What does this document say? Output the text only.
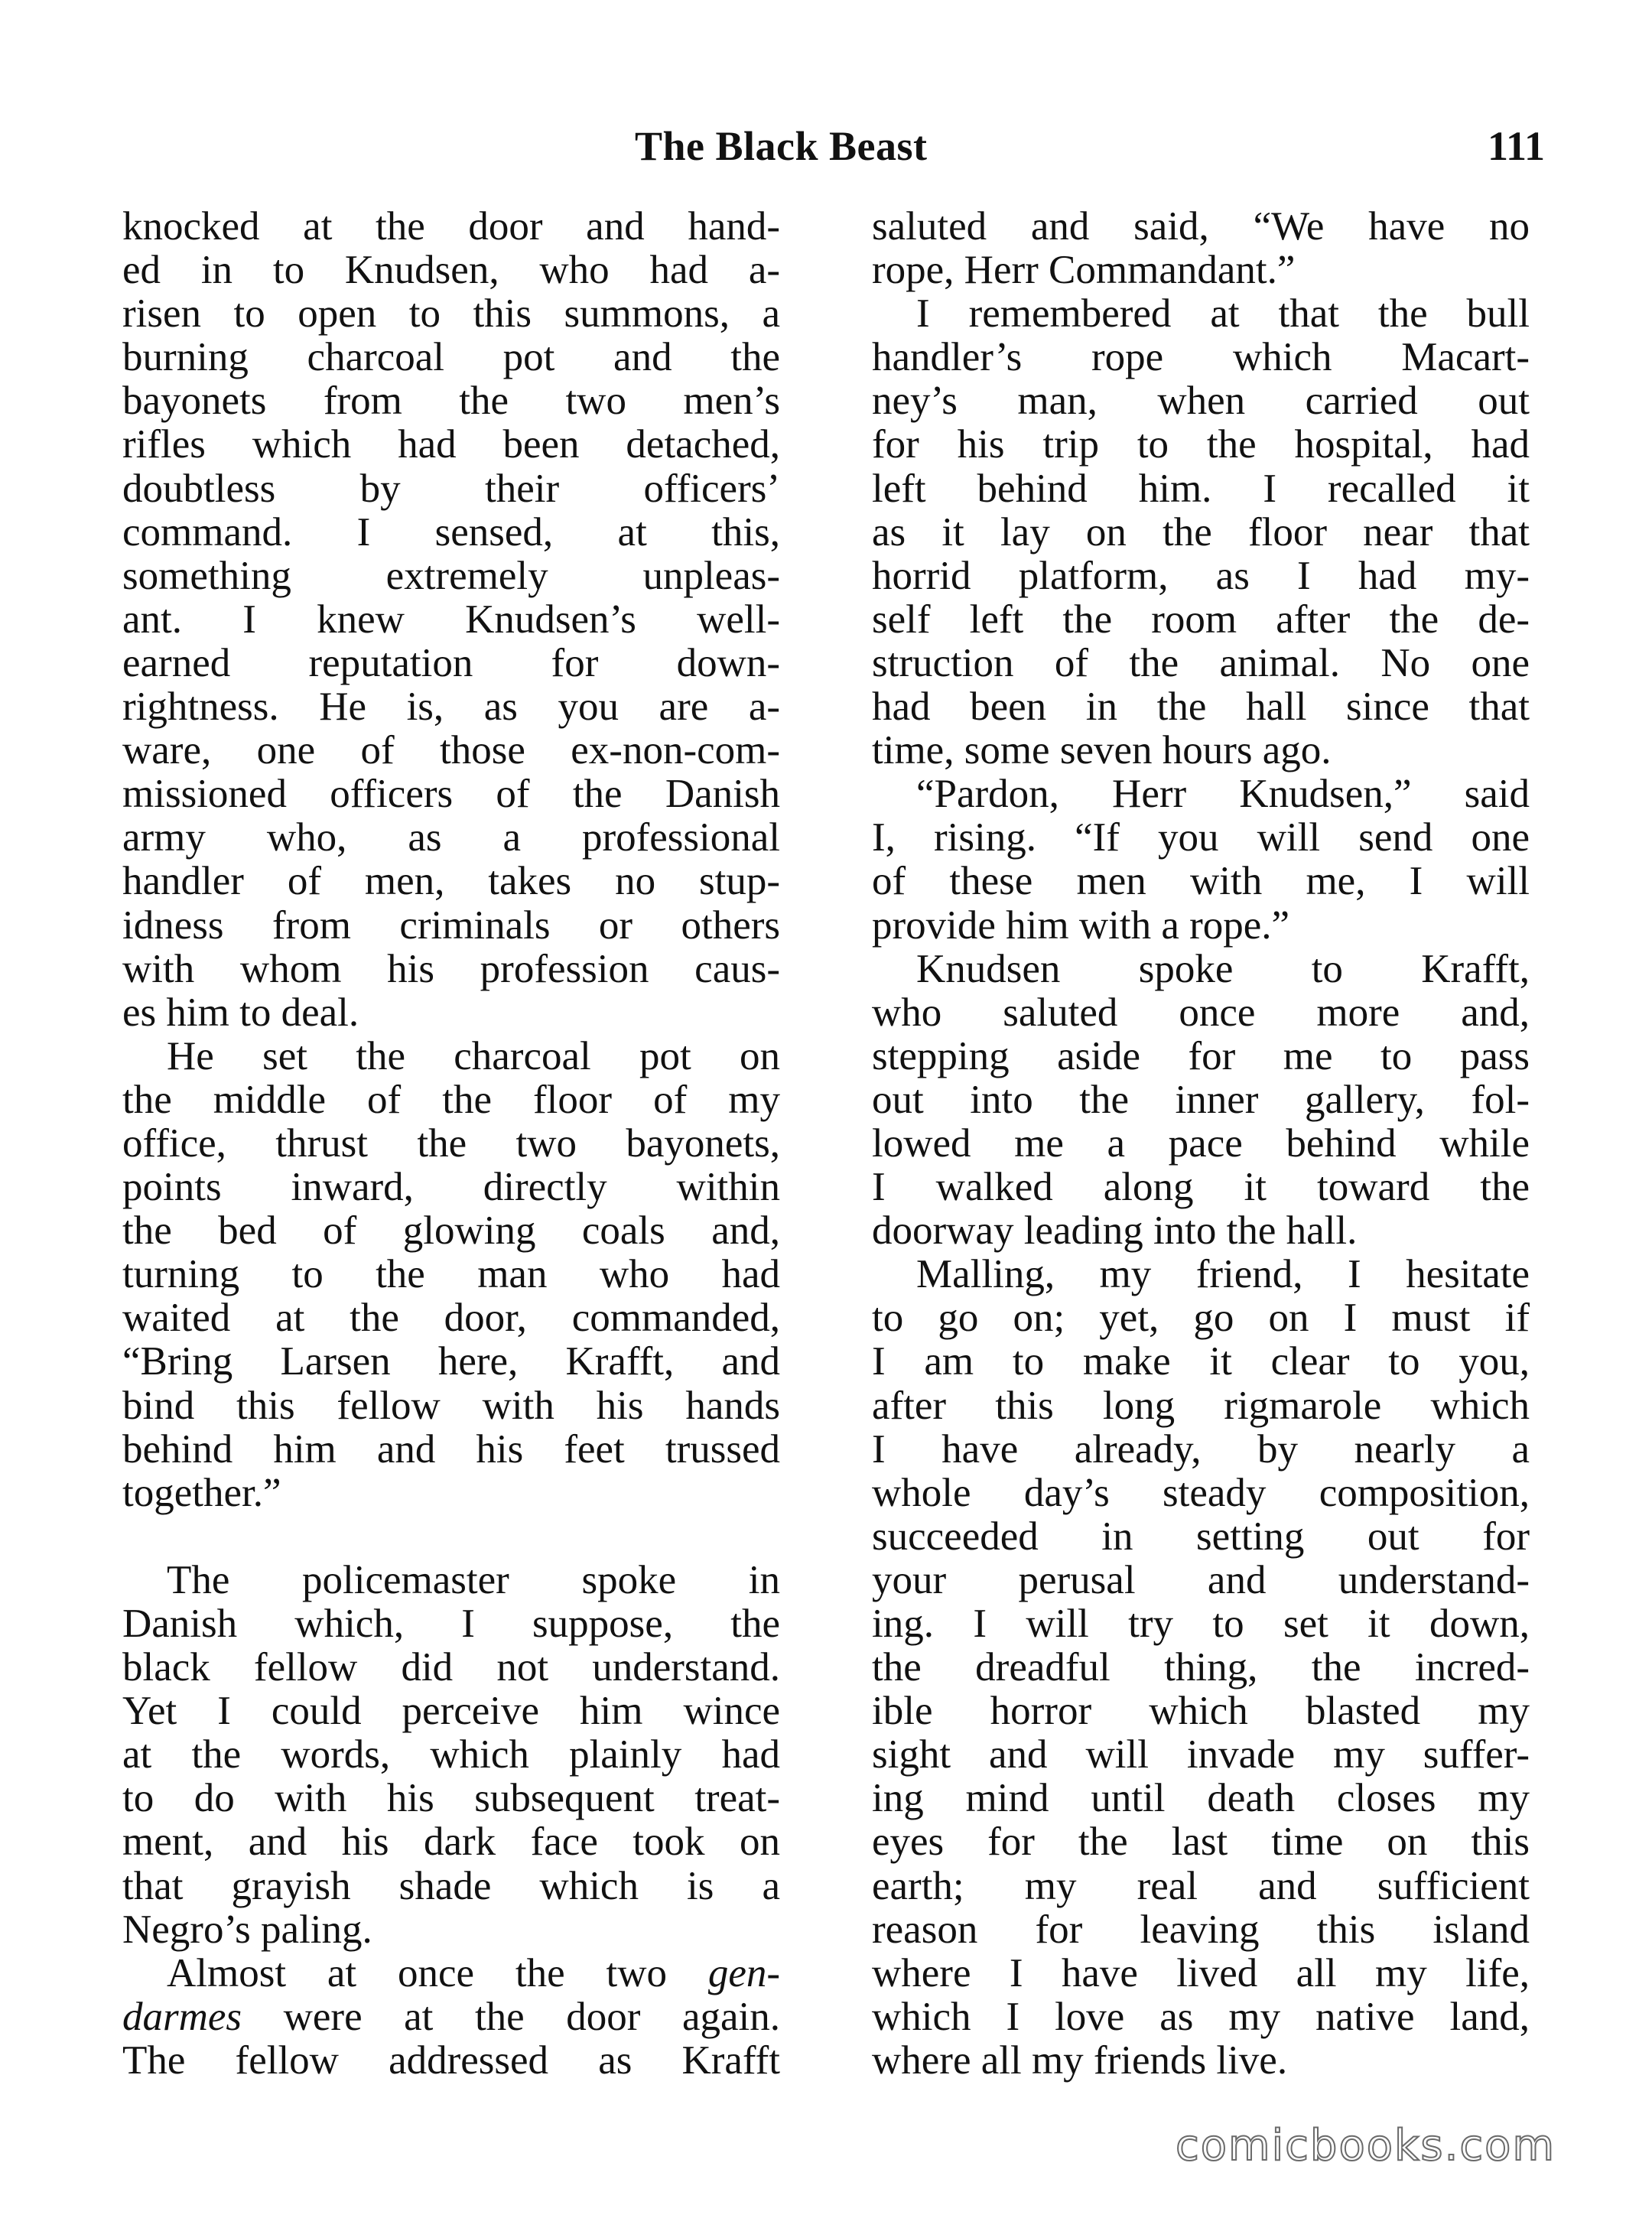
The Black Beast	111
knocked at the door and hand-
ed in to Knudsen, who had a-
risen to open to this summons, a
burning charcoal pot and the
bayonets from the two men’s
rifles which had been detached,
doubtless by their officers’
command. I sensed, at this,
something extremely unpleas-
ant. I knew Knudsen’s well-
earned reputation for down-
rightness. He is, as you are a-
ware, one of those ex-non-com-
missioned officers of the Danish
army who, as a professional
handler of men, takes no stup-
idness from criminals or others
with whom his profession caus-
es him to deal.
He set the charcoal pot on
the middle of the floor of my
office, thrust the two bayonets,
points inward, directly within
the bed of glowing coals and,
turning to the man who had
waited at the door, commanded,
“Bring Larsen here, Krafft, and
bind this fellow with his hands
behind him and his feet trussed
together.”
The policemaster spoke in
Danish which, I suppose, the
black fellow did not understand.
Yet I could perceive him wince
at the words, which plainly had
to do with his subsequent treat-
ment, and his dark face took on
that grayish shade which is a
Negro’s paling.
Almost at once the two gen-
darmes were at the door again.
The fellow addressed as Krafft
saluted and said, “We have no
rope, Herr Commandant.”
I remembered at that the bull
handler’s rope which Macart-
ney’s man, when carried out
for his trip to the hospital, had
left behind him. I recalled it
as it lay on the floor near that
horrid platform, as I had my-
self left the room after the de-
struction of the animal. No one
had been in the hall since that
time, some seven hours ago.
“Pardon, Herr Knudsen,” said
I, rising. “If you will send one
of these men with me, I will
provide him with a rope.”
Knudsen spoke to Krafft,
who saluted once more and,
stepping aside for me to pass
out into the inner gallery, fol-
lowed me a pace behind while
I walked along it toward the
doorway leading into the hall.
Malling, my friend, I hesitate
to go on; yet, go on I must if
I am to make it clear to you,
after this long rigmarole which
I have already, by nearly a
whole day’s steady composition,
succeeded in setting out for
your perusal and understand-
ing. I will try to set it down,
the dreadful thing, the incred-
ible horror which blasted my
sight and will invade my suffer-
ing mind until death closes my
eyes for the last time on this
earth; my real and sufficient
reason for leaving this island
where I have lived all my life,
which I love as my native land,
where all my friends live.
comicbooks.com
